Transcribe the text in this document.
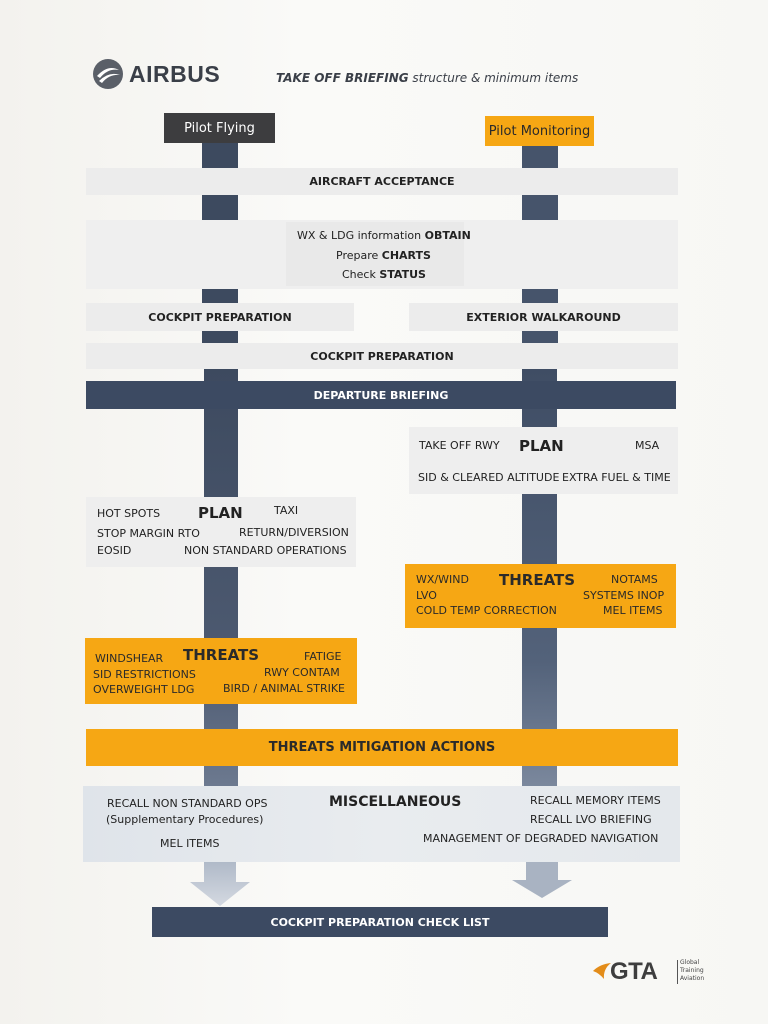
AIRBUS	TAKE OFF BRIEFING structure & minimum items
Pilot Flying	Pilot Monitoring
AIRCRAFT ACCEPTANCE
WX & LDG information OBTAIN
Prepare CHARTS
Check STATUS
COCKPIT PREPARATION	EXTERIOR WALKAROUND
COCKPIT PREPARATION
DEPARTURE BRIEFING
TAKE OFF RWY PLAN	MSA
SID & CLEARED ALTITUDE EXTRA FUEL & TIME
HOT SPOTS	PLAN	TAXI
STOP MARGIN RTO	RETURN/DIVERSION
EOSID	NON STANDARD OPERATIONS
WX/WIND THREATS	NOTAMS
LVO	SYSTEMS INOP
COLD TEMP CORRECTION	MEL ITEMS
WINDSHEAR THREATS	FATIGE
SID RESTRICTIONS	RWY CONTAM
OVERWEIGHT LDG	BIRD / ANIMAL STRIKE
THREATS MITIGATION ACTIONS
RECALL NON STANDARD OPS
(Supplementary Procedures)
MEL ITEMS
MISCELLANEOUS	RECALL MEMORY ITEMS
RECALL LVO BRIEFING
MANAGEMENT OF DEGRADED NAVIGATION
COCKPIT PREPARATION CHECK LIST
GTA	Global
Training
Aviation
